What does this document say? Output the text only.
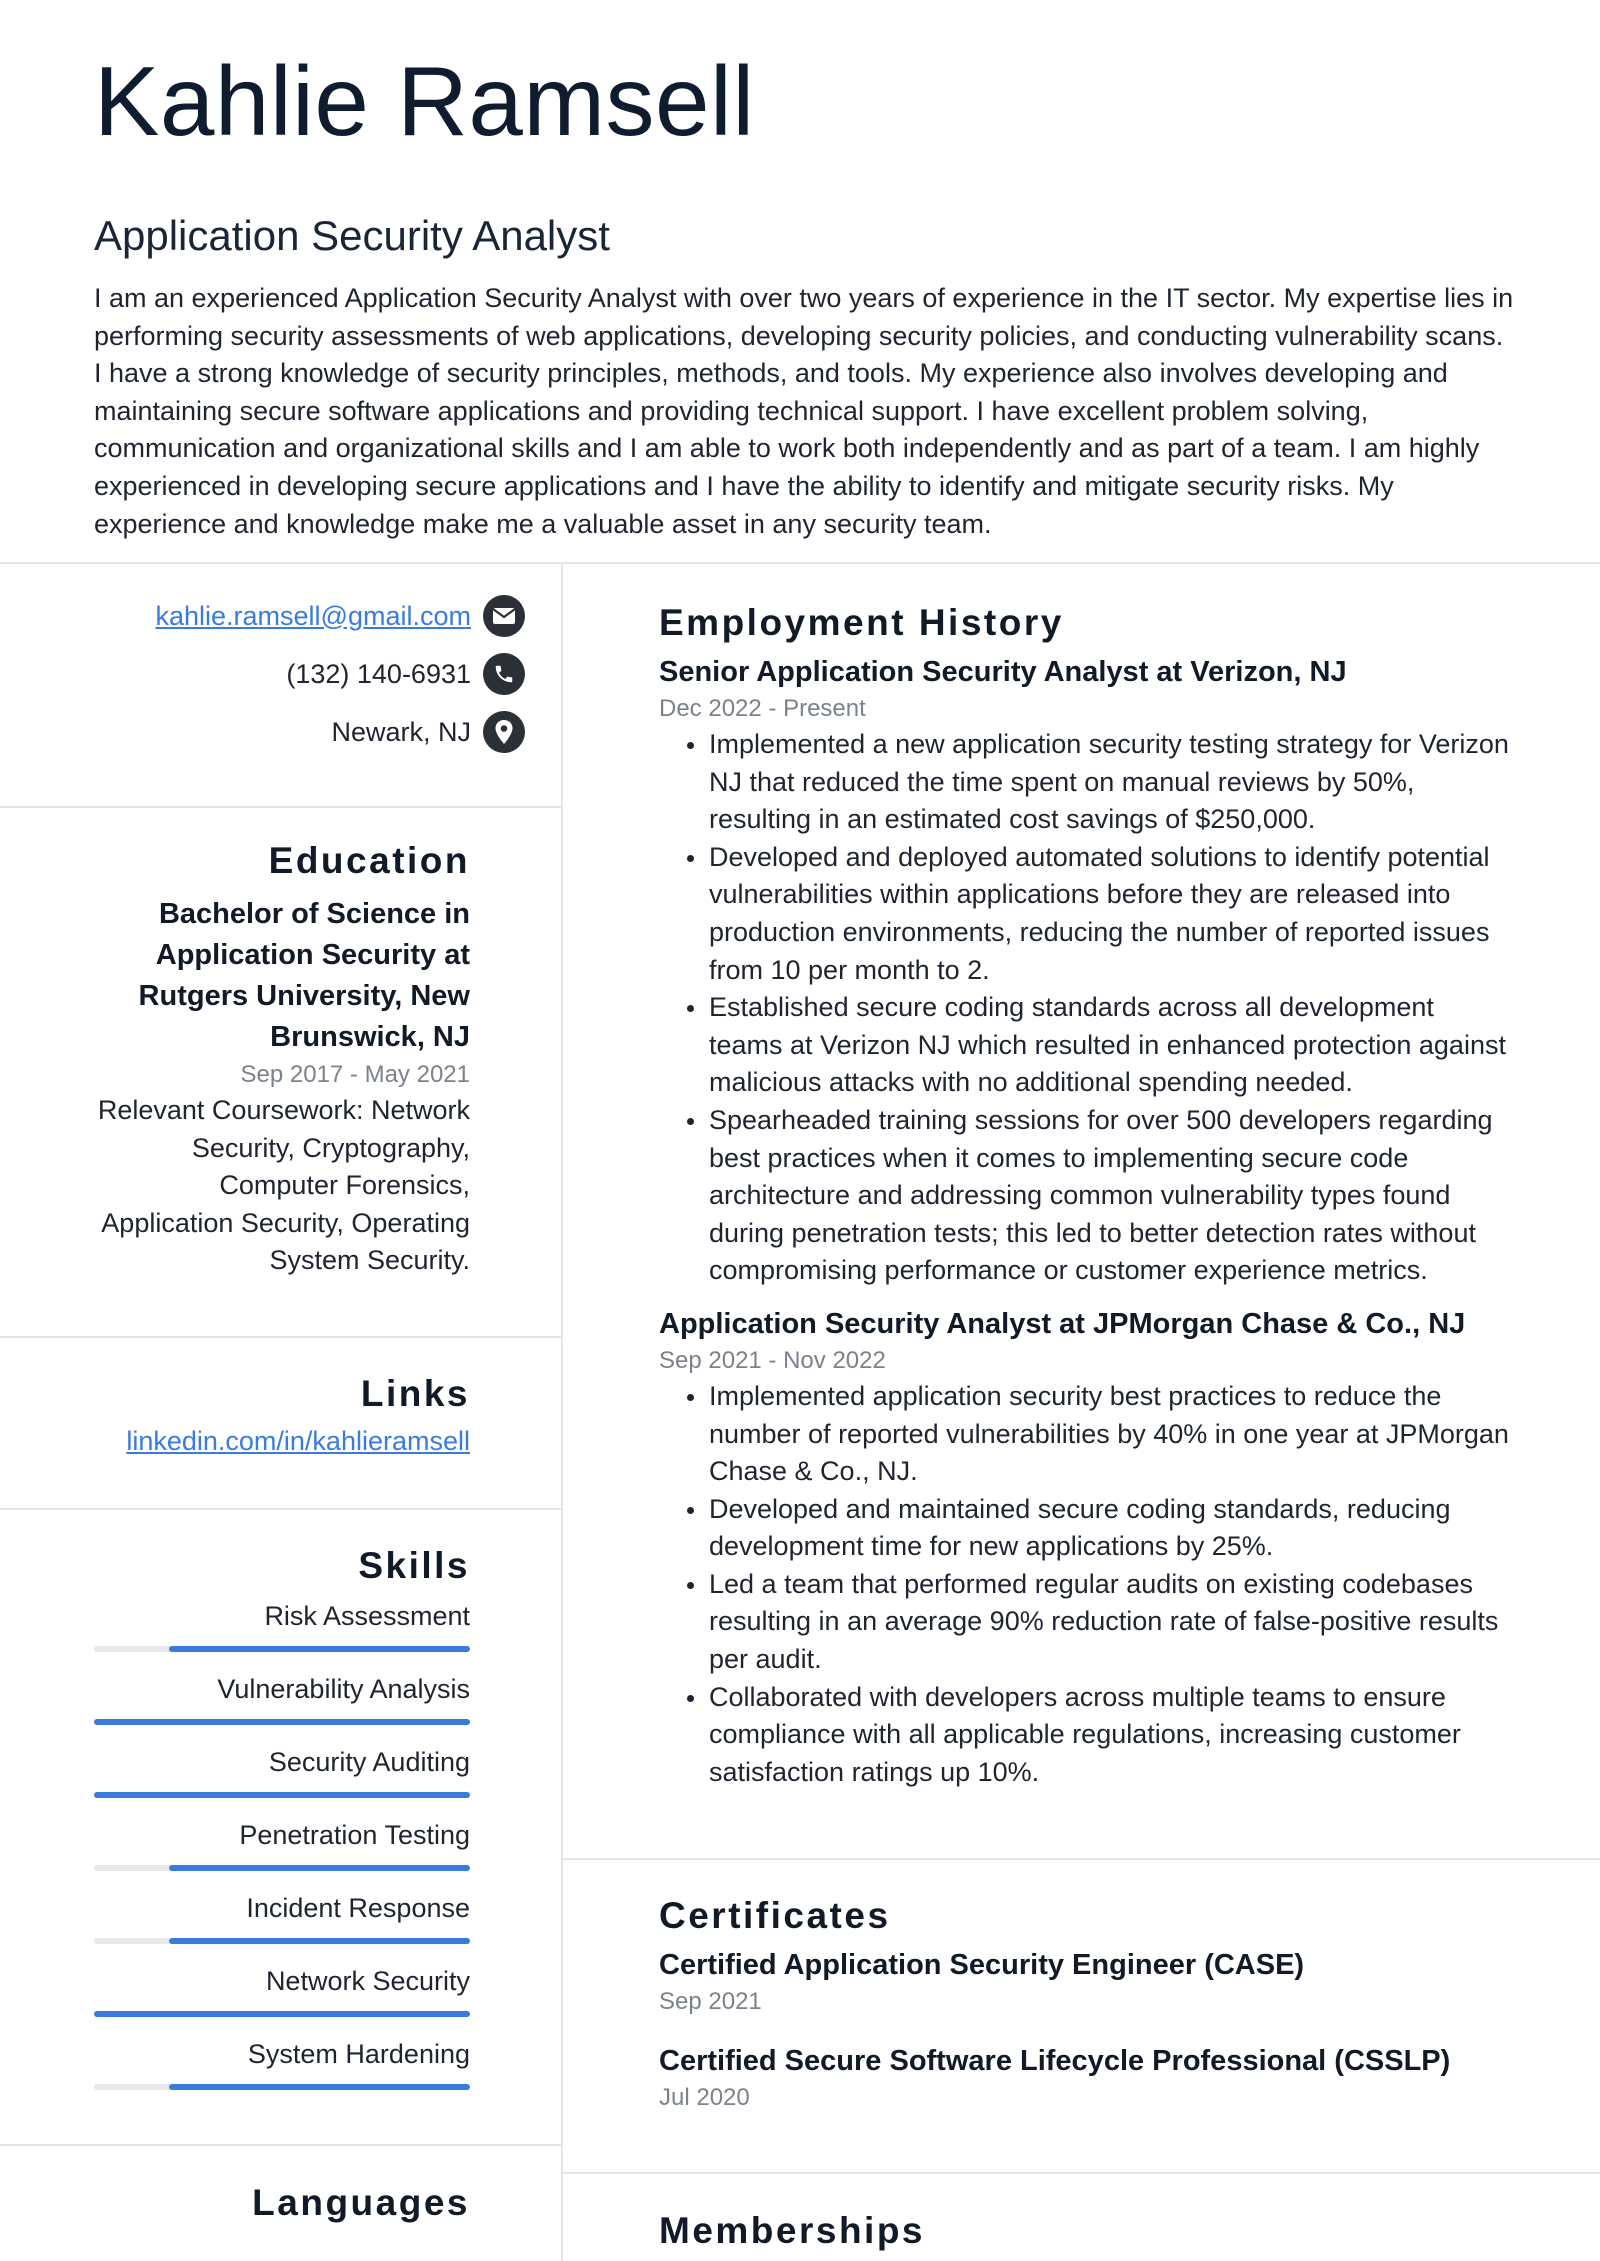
Kahlie Ramsell
Application Security Analyst
I am an experienced Application Security Analyst with over two years of experience in the IT sector. My expertise lies in performing security assessments of web applications, developing security policies, and conducting vulnerability scans. I have a strong knowledge of security principles, methods, and tools. My experience also involves developing and maintaining secure software applications and providing technical support. I have excellent problem solving, communication and organizational skills and I am able to work both independently and as part of a team. I am highly experienced in developing secure applications and I have the ability to identify and mitigate security risks. My experience and knowledge make me a valuable asset in any security team.
kahlie.ramsell@gmail.com
(132) 140-6931
Newark, NJ
Education
Bachelor of Science in Application Security at Rutgers University, New Brunswick, NJ
Sep 2017 - May 2021
Relevant Coursework: Network Security, Cryptography, Computer Forensics, Application Security, Operating System Security.
Links
linkedin.com/in/kahlieramsell
Skills
Risk Assessment
Vulnerability Analysis
Security Auditing
Penetration Testing
Incident Response
Network Security
System Hardening
Languages
Employment History
Senior Application Security Analyst at Verizon, NJ
Dec 2022 - Present
Implemented a new application security testing strategy for Verizon NJ that reduced the time spent on manual reviews by 50%, resulting in an estimated cost savings of $250,000.
Developed and deployed automated solutions to identify potential vulnerabilities within applications before they are released into production environments, reducing the number of reported issues from 10 per month to 2.
Established secure coding standards across all development teams at Verizon NJ which resulted in enhanced protection against malicious attacks with no additional spending needed.
Spearheaded training sessions for over 500 developers regarding best practices when it comes to implementing secure code architecture and addressing common vulnerability types found during penetration tests; this led to better detection rates without compromising performance or customer experience metrics.
Application Security Analyst at JPMorgan Chase & Co., NJ
Sep 2021 - Nov 2022
Implemented application security best practices to reduce the number of reported vulnerabilities by 40% in one year at JPMorgan Chase & Co., NJ.
Developed and maintained secure coding standards, reducing development time for new applications by 25%.
Led a team that performed regular audits on existing codebases resulting in an average 90% reduction rate of false-positive results per audit.
Collaborated with developers across multiple teams to ensure compliance with all applicable regulations, increasing customer satisfaction ratings up 10%.
Certificates
Certified Application Security Engineer (CASE)
Sep 2021
Certified Secure Software Lifecycle Professional (CSSLP)
Jul 2020
Memberships
